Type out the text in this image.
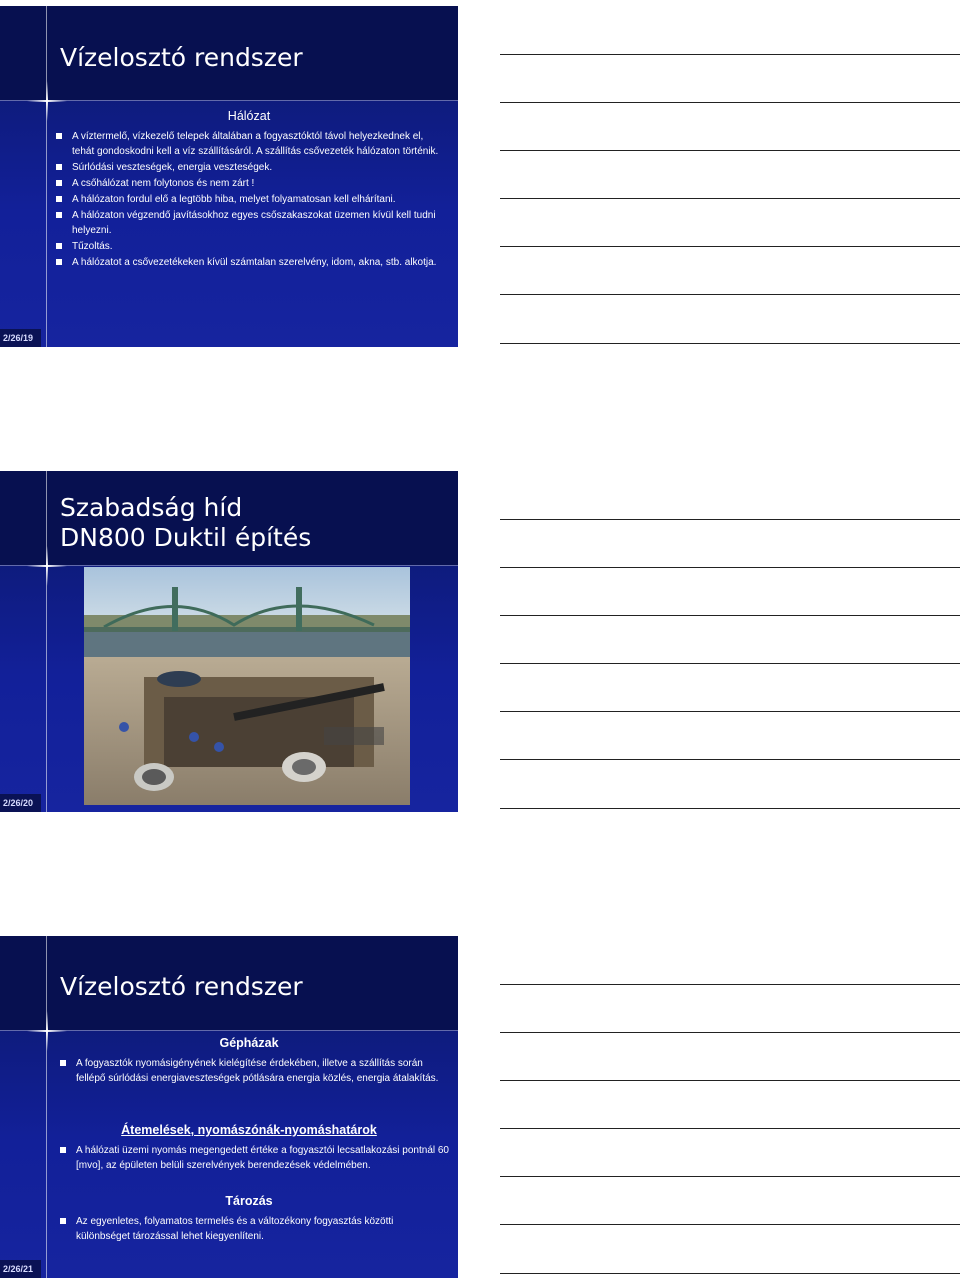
Vízelosztó rendszer
Hálózat
A víztermelő, vízkezelő telepek általában a fogyasztóktól távol helyezkednek el, tehát gondoskodni kell a víz szállításáról. A szállítás csővezeték hálózaton történik.
Súrlódási veszteségek, energia veszteségek.
A csőhálózat nem folytonos és nem zárt !
A hálózaton fordul elő a legtöbb hiba, melyet folyamatosan kell elhárítani.
A hálózaton végzendő javításokhoz egyes csőszakaszokat üzemen kívül kell tudni helyezni.
Tűzoltás.
A hálózatot a csővezetékeken kívül számtalan szerelvény, idom, akna, stb. alkotja.
2/26/19
Szabadság híd
DN800 Duktil építés
2/26/20
Vízelosztó rendszer
Gépházak
A fogyasztók nyomásigényének kielégítése érdekében, illetve a szállítás során fellépő súrlódási energiaveszteségek pótlására energia közlés, energia átalakítás.
Átemelések, nyomászónák-nyomáshatárok
A hálózati üzemi nyomás megengedett értéke a fogyasztói lecsatlakozási pontnál 60 [mvo], az épületen belüli szerelvények berendezések védelmében.
Tározás
Az egyenletes, folyamatos termelés és a változékony fogyasztás közötti különbséget tározással lehet kiegyenlíteni.
2/26/21
